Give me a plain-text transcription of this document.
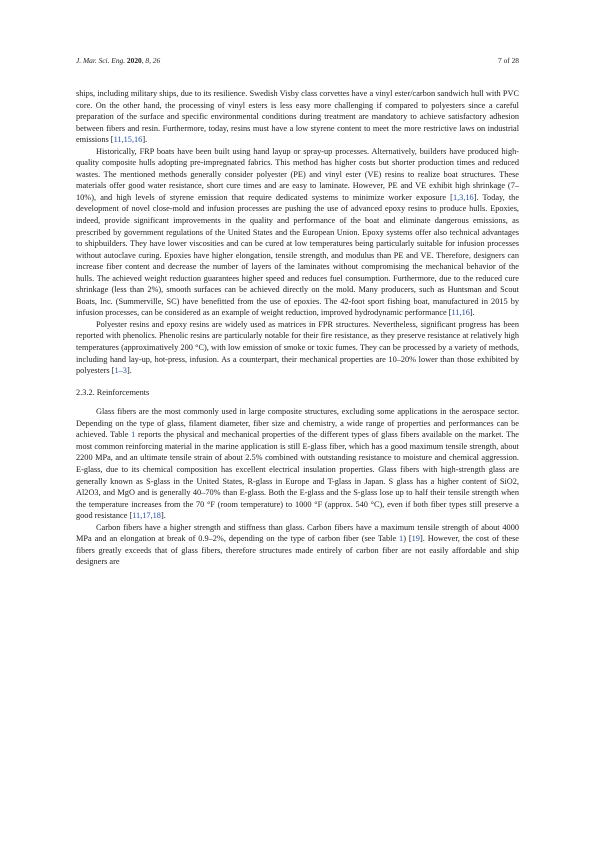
J. Mar. Sci. Eng. 2020, 8, 26	7 of 28

ships, including military ships, due to its resilience. Swedish Visby class corvettes have a vinyl ester/carbon sandwich hull with PVC core. On the other hand, the processing of vinyl esters is less easy more challenging if compared to polyesters since a careful preparation of the surface and specific environmental conditions during treatment are mandatory to achieve satisfactory adhesion between fibers and resin. Furthermore, today, resins must have a low styrene content to meet the more restrictive laws on industrial emissions [11,15,16].

Historically, FRP boats have been built using hand layup or spray-up processes. Alternatively, builders have produced high-quality composite hulls adopting pre-impregnated fabrics. This method has higher costs but shorter production times and reduced wastes. The mentioned methods generally consider polyester (PE) and vinyl ester (VE) resins to realize boat structures. These materials offer good water resistance, short cure times and are easy to laminate. However, PE and VE exhibit high shrinkage (7–10%), and high levels of styrene emission that require dedicated systems to minimize worker exposure [1,3,16]. Today, the development of novel close-mold and infusion processes are pushing the use of advanced epoxy resins to produce hulls. Epoxies, indeed, provide significant improvements in the quality and performance of the boat and eliminate dangerous emissions, as prescribed by government regulations of the United States and the European Union. Epoxy systems offer also technical advantages to shipbuilders. They have lower viscosities and can be cured at low temperatures being particularly suitable for infusion processes without autoclave curing. Epoxies have higher elongation, tensile strength, and modulus than PE and VE. Therefore, designers can increase fiber content and decrease the number of layers of the laminates without compromising the mechanical behavior of the hulls. The achieved weight reduction guarantees higher speed and reduces fuel consumption. Furthermore, due to the reduced cure shrinkage (less than 2%), smooth surfaces can be achieved directly on the mold. Many producers, such as Huntsman and Scout Boats, Inc. (Summerville, SC) have benefitted from the use of epoxies. The 42-foot sport fishing boat, manufactured in 2015 by infusion processes, can be considered as an example of weight reduction, improved hydrodynamic performance [11,16].

Polyester resins and epoxy resins are widely used as matrices in FPR structures. Nevertheless, significant progress has been reported with phenolics. Phenolic resins are particularly notable for their fire resistance, as they preserve resistance at relatively high temperatures (approximatively 200 °C), with low emission of smoke or toxic fumes. They can be processed by a variety of methods, including hand lay-up, hot-press, infusion. As a counterpart, their mechanical properties are 10–20% lower than those exhibited by polyesters [1–3].

2.3.2. Reinforcements

Glass fibers are the most commonly used in large composite structures, excluding some applications in the aerospace sector. Depending on the type of glass, filament diameter, fiber size and chemistry, a wide range of properties and performances can be achieved. Table 1 reports the physical and mechanical properties of the different types of glass fibers available on the market. The most common reinforcing material in the marine application is still E-glass fiber, which has a good maximum tensile strength, about 2200 MPa, and an ultimate tensile strain of about 2.5% combined with outstanding resistance to moisture and chemical aggression. E-glass, due to its chemical composition has excellent electrical insulation properties. Glass fibers with high-strength glass are generally known as S-glass in the United States, R-glass in Europe and T-glass in Japan. S glass has a higher content of SiO2, Al2O3, and MgO and is generally 40–70% than E-glass. Both the E-glass and the S-glass lose up to half their tensile strength when the temperature increases from the 70 °F (room temperature) to 1000 °F (approx. 540 °C), even if both fiber types still preserve a good resistance [11,17,18].

Carbon fibers have a higher strength and stiffness than glass. Carbon fibers have a maximum tensile strength of about 4000 MPa and an elongation at break of 0.9–2%, depending on the type of carbon fiber (see Table 1) [19]. However, the cost of these fibers greatly exceeds that of glass fibers, therefore structures made entirely of carbon fiber are not easily affordable and ship designers are
